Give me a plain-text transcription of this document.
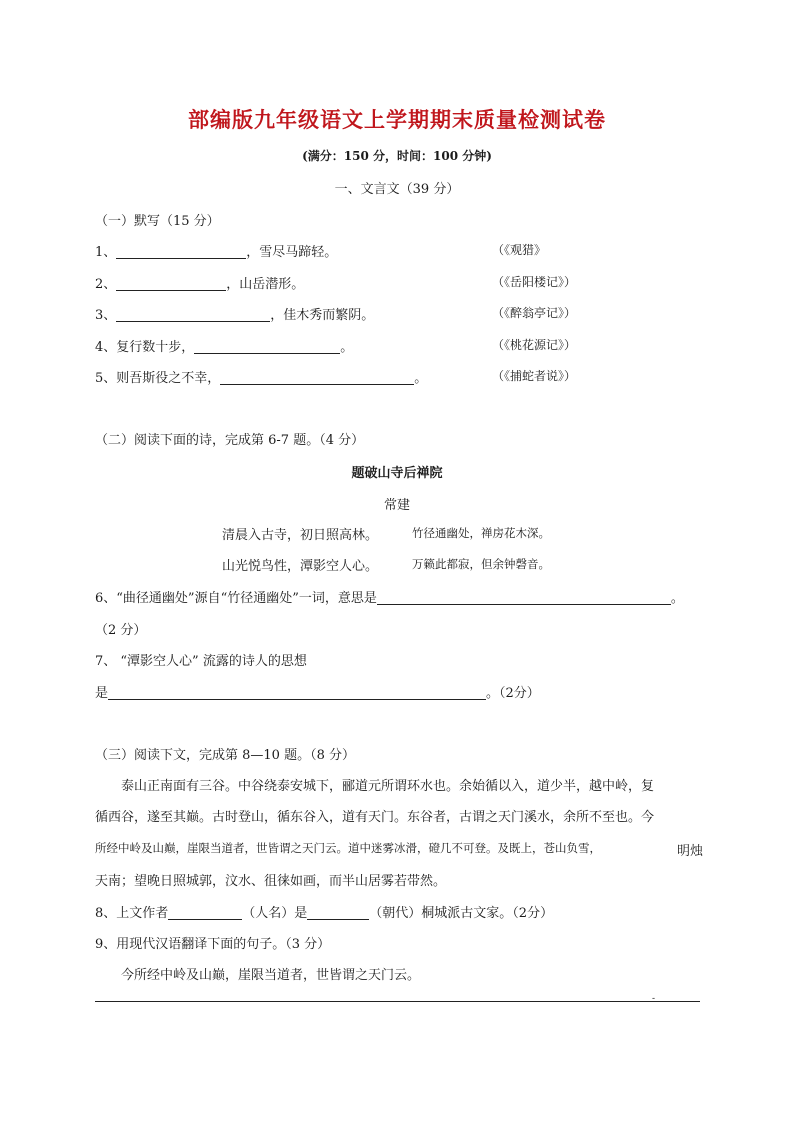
部编版九年级语文上学期期末质量检测试卷
(满分：150 分，时间：100 分钟)
一、文言文（39 分）
（一）默写（15 分）
1、	，雪尽马蹄轻。	（《观猎》
2、	，山岳潜形。	（《岳阳楼记》）
3、	，佳木秀而繁阴。	（《醉翁亭记》）
4、复行数十步，	。	（《桃花源记》）
5、则吾斯役之不幸，	。	（《捕蛇者说》）
（二）阅读下面的诗，完成第 6-7 题。（4 分）
题破山寺后禅院
常建
清晨入古寺，初日照高林。	竹径通幽处，禅房花木深。
山光悦鸟性，潭影空人心。	万籁此都寂，但余钟磬音。
6、“曲径通幽处”源自“竹径通幽处”一词，意思是	。
（2 分）
7、 “潭影空人心” 流露的诗人的思想
是	。（2分）
（三）阅读下文，完成第 8—10 题。（8 分）
泰山正南面有三谷。中谷绕泰安城下，郦道元所谓环水也。余始循以入，道少半，越中岭，复
循西谷，遂至其巅。古时登山，循东谷入，道有天门。东谷者，古谓之天门溪水，余所不至也。今
所经中岭及山巅，崖限当道者，世皆谓之天门云。道中迷雾冰滑，磴几不可登。及既上，苍山负雪，	明烛
天南；望晚日照城郭，汶水、徂徕如画，而半山居雾若带然。
8、上文作者	（人名）是	（朝代）桐城派古文家。（2分）
9、用现代汉语翻译下面的句子。（3 分）
今所经中岭及山巅，崖限当道者，世皆谓之天门云。
-
